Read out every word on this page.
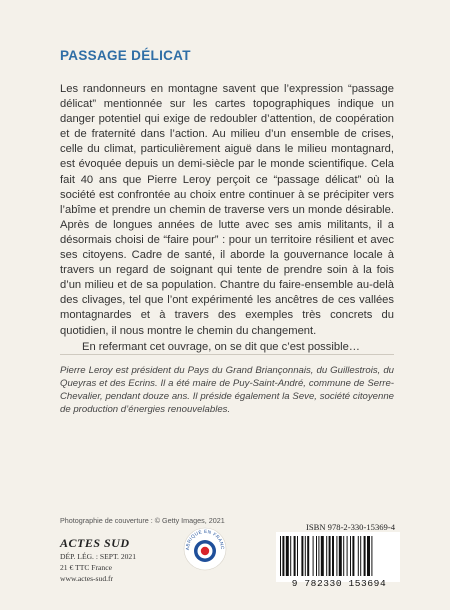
PASSAGE DÉLICAT

Les randonneurs en montagne savent que l’expression “passage délicat” mentionnée sur les cartes topographiques indique un danger potentiel qui exige de redoubler d’attention, de coopération et de fraternité dans l’action. Au milieu d’un ensemble de crises, celle du climat, particulièrement aiguë dans le milieu montagnard, est évoquée depuis un demi-siècle par le monde scientifique. Cela fait 40 ans que Pierre Leroy perçoit ce “passage délicat” où la société est confrontée au choix entre continuer à se précipiter vers l’abîme et prendre un chemin de traverse vers un monde désirable. Après de longues années de lutte avec ses amis militants, il a désormais choisi de “faire pour” : pour un territoire résilient et avec ses citoyens. Cadre de santé, il aborde la gouvernance locale à travers un regard de soignant qui tente de prendre soin à la fois d’un milieu et de sa population. Chantre du faire-ensemble au-delà des clivages, tel que l’ont expérimenté les ancêtres de ces vallées montagnardes et à travers des exemples très concrets du quotidien, il nous montre le chemin du changement.

En refermant cet ouvrage, on se dit que c’est possible…

Pierre Leroy est président du Pays du Grand Briançonnais, du Guillestrois, du Queyras et des Ecrins. Il a été maire de Puy-Saint-André, commune de Serre-Chevalier, pendant douze ans. Il préside également la Seve, société citoyenne de production d’énergies renouvelables.
Photographie de couverture : © Getty Images, 2021
ISBN 978-2-330-15369-4
ACTES SUD
DÉP. LÉG. : SEPT. 2021
21 € TTC France
www.actes-sud.fr
ABRIQUÉ EN FRANC
9 782330 153694
